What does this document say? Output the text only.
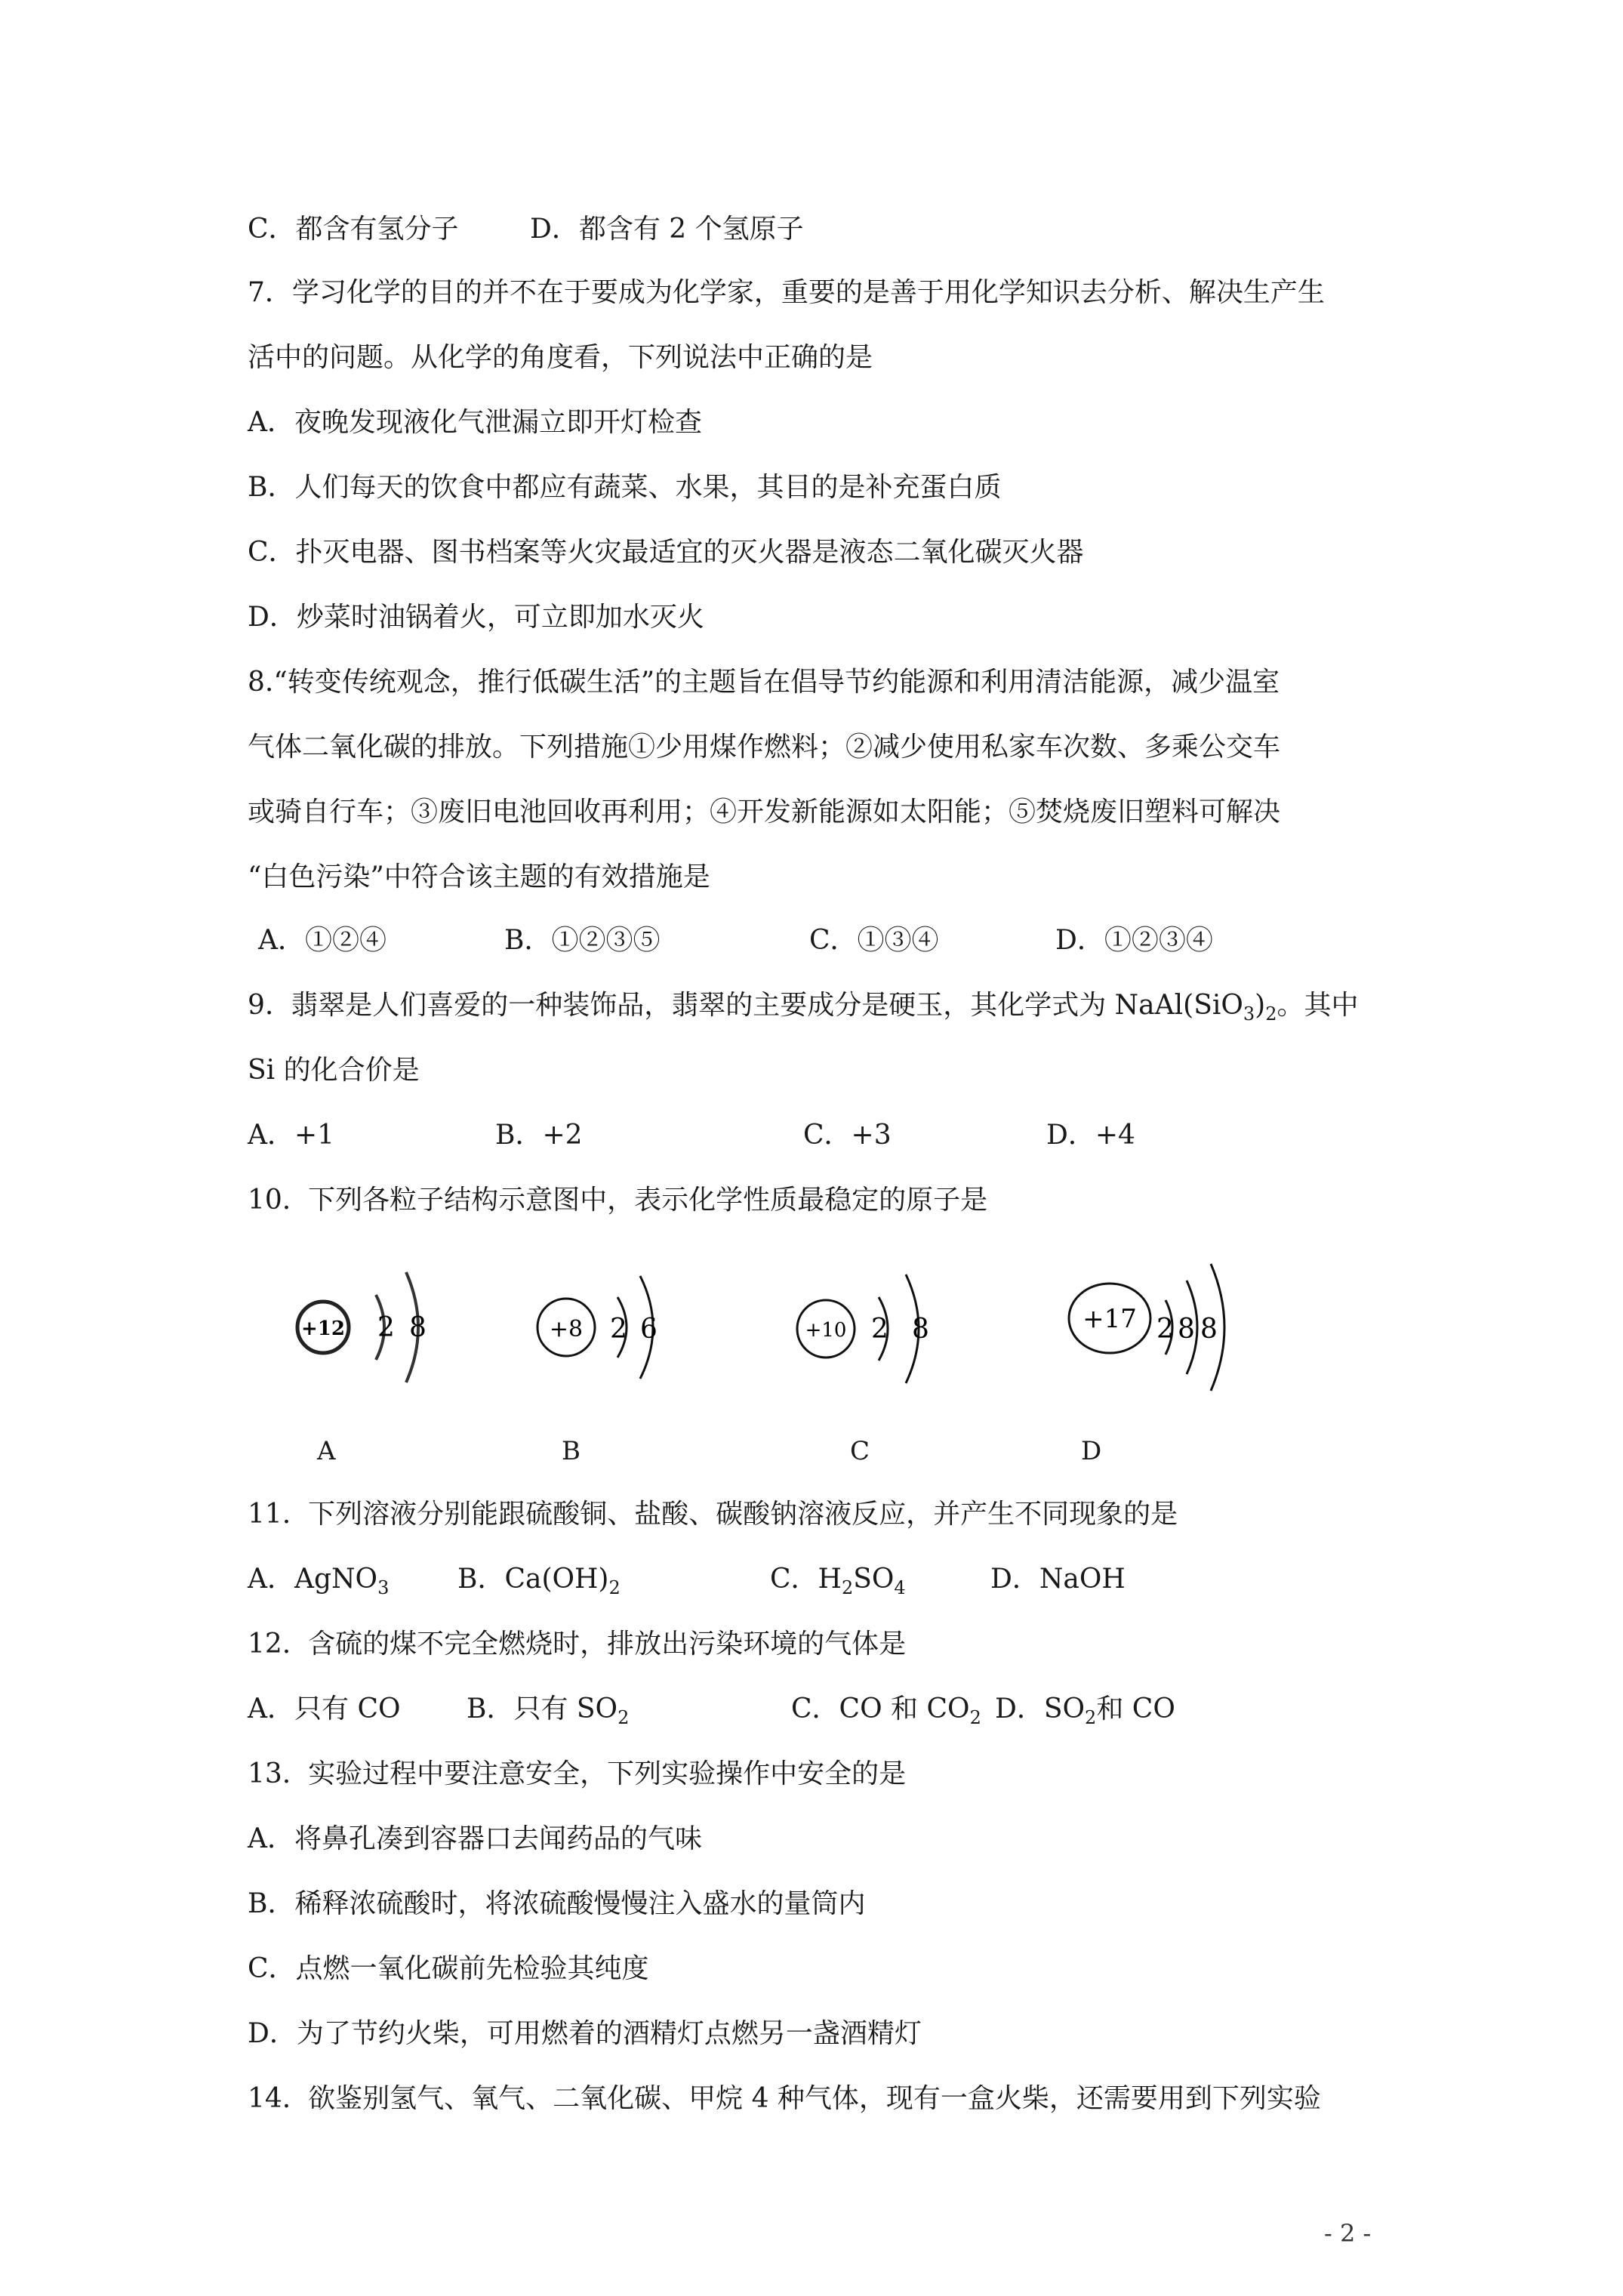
C．都含有氢分子	D．都含有 2 个氢原子
7．学习化学的目的并不在于要成为化学家，重要的是善于用化学知识去分析、解决生产生
活中的问题。从化学的角度看，下列说法中正确的是
A．夜晚发现液化气泄漏立即开灯检查
B．人们每天的饮食中都应有蔬菜、水果，其目的是补充蛋白质
C．扑灭电器、图书档案等火灾最适宜的灭火器是液态二氧化碳灭火器
D．炒菜时油锅着火，可立即加水灭火
8.“转变传统观念，推行低碳生活”的主题旨在倡导节约能源和利用清洁能源，减少温室
气体二氧化碳的排放。下列措施①少用煤作燃料；②减少使用私家车次数、多乘公交车
或骑自行车；③废旧电池回收再利用；④开发新能源如太阳能；⑤焚烧废旧塑料可解决
“白色污染”中符合该主题的有效措施是
A．①②④	B．①②③⑤	C．①③④	D．①②③④
9.  翡翠是人们喜爱的一种装饰品，翡翠的主要成分是硬玉，其化学式为 $NaAl(SiO_3)_2$。其中
Si 的化合价是
A．+1	B．+2	C．+3	D．+4
10.  下列各粒子结构示意图中，表示化学性质最稳定的原子是
+12 2 8	+8 2 6	+10 2 8	+17 2 8 8
A	B	C	D
11.  下列溶液分别能跟硫酸铜、盐酸、碳酸钠溶液反应，并产生不同现象的是
A．AgNO$_3$	B．$Ca(OH)_2$	C．$H_2SO_4$	D．NaOH
12.  含硫的煤不完全燃烧时，排放出污染环境的气体是
A．只有 CO B．只有 $SO_2$	C．CO 和 $CO_2$ D．$SO_2$和 CO
13.  实验过程中要注意安全，下列实验操作中安全的是
A．将鼻孔凑到容器口去闻药品的气味
B．稀释浓硫酸时，将浓硫酸慢慢注入盛水的量筒内
C．点燃一氧化碳前先检验其纯度
D．为了节约火柴，可用燃着的酒精灯点燃另一盏酒精灯
14.  欲鉴别氢气、氧气、二氧化碳、甲烷 4 种气体，现有一盒火柴，还需要用到下列实验
- 2 -
